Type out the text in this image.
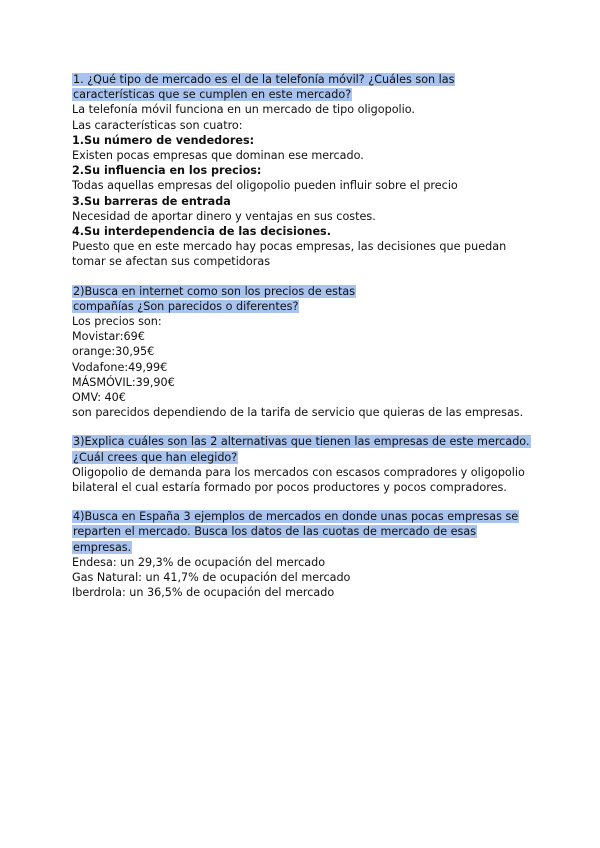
1. ¿Qué tipo de mercado es el de la telefonía móvil? ¿Cuáles son las
características que se cumplen en este mercado?
La telefonía móvil funciona en un mercado de tipo oligopolio.
Las características son cuatro:
1.Su número de vendedores:
Existen pocas empresas que dominan ese mercado.
2.Su influencia en los precios:
Todas aquellas empresas del oligopolio pueden influir sobre el precio
3.Su barreras de entrada
Necesidad de aportar dinero y ventajas en sus costes.
4.Su interdependencia de las decisiones.
Puesto que en este mercado hay pocas empresas, las decisiones que puedan
tomar se afectan sus competidoras
2)Busca en internet como son los precios de estas
compañías ¿Son parecidos o diferentes?
Los precios son:
Movistar:69€
orange:30,95€
Vodafone:49,99€
MÁSMÓVIL:39,90€
OMV: 40€
son parecidos dependiendo de la tarifa de servicio que quieras de las empresas.
3)Explica cuáles son las 2 alternativas que tienen las empresas de este mercado.
¿Cuál crees que han elegido?
Oligopolio de demanda para los mercados con escasos compradores y oligopolio
bilateral el cual estaría formado por pocos productores y pocos compradores.
4)Busca en España 3 ejemplos de mercados en donde unas pocas empresas se
reparten el mercado. Busca los datos de las cuotas de mercado de esas
empresas.
Endesa: un 29,3% de ocupación del mercado
Gas Natural: un 41,7% de ocupación del mercado
Iberdrola: un 36,5% de ocupación del mercado
